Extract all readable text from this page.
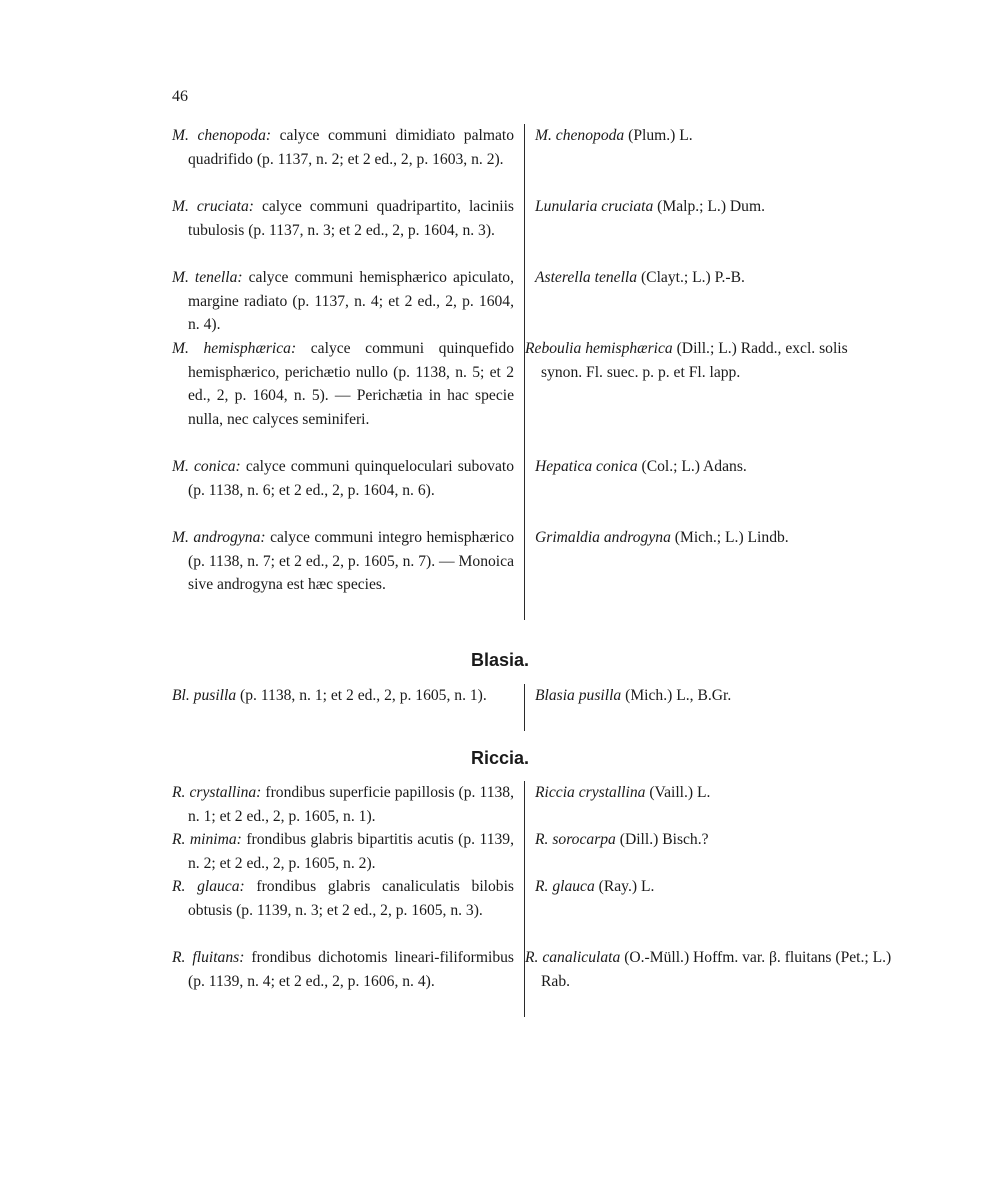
46
M. chenopoda: calyce communi dimidiato palmato quadrifido (p. 1137, n. 2; et 2 ed., 2, p. 1603, n. 2).
M. chenopoda (Plum.) L.
M. cruciata: calyce communi quadripartito, laciniis tubulosis (p. 1137, n. 3; et 2 ed., 2, p. 1604, n. 3).
Lunularia cruciata (Malp.; L.) Dum.
M. tenella: calyce communi hemisphærico apiculato, margine radiato (p. 1137, n. 4; et 2 ed., 2, p. 1604, n. 4).
Asterella tenella (Clayt.; L.) P.-B.
M. hemisphærica: calyce communi quinquefido hemisphærico, perichætio nullo (p. 1138, n. 5; et 2 ed., 2, p. 1604, n. 5). — Perichætia in hac specie nulla, nec calyces seminiferi.
Reboulia hemisphærica (Dill.; L.) Radd., excl. solis synon. Fl. suec. p. p. et Fl. lapp.
M. conica: calyce communi quinqueloculari subovato (p. 1138, n. 6; et 2 ed., 2, p. 1604, n. 6).
Hepatica conica (Col.; L.) Adans.
M. androgyna: calyce communi integro hemisphærico (p. 1138, n. 7; et 2 ed., 2, p. 1605, n. 7). — Monoica sive androgyna est hæc species.
Grimaldia androgyna (Mich.; L.) Lindb.
Blasia.
Bl. pusilla (p. 1138, n. 1; et 2 ed., 2, p. 1605, n. 1).	Blasia pusilla (Mich.) L., B.Gr.
Riccia.
R. crystallina: frondibus superficie papillosis (p. 1138, n. 1; et 2 ed., 2, p. 1605, n. 1).
Riccia crystallina (Vaill.) L.
R. minima: frondibus glabris bipartitis acutis (p. 1139, n. 2; et 2 ed., 2, p. 1605, n. 2).
R. sorocarpa (Dill.) Bisch.?
R. glauca: frondibus glabris canaliculatis bilobis obtusis (p. 1139, n. 3; et 2 ed., 2, p. 1605, n. 3).
R. glauca (Ray.) L.
R. fluitans: frondibus dichotomis lineari-filiformibus (p. 1139, n. 4; et 2 ed., 2, p. 1606, n. 4).
R. canaliculata (O.-Müll.) Hoffm. var. β. fluitans (Pet.; L.) Rab.
